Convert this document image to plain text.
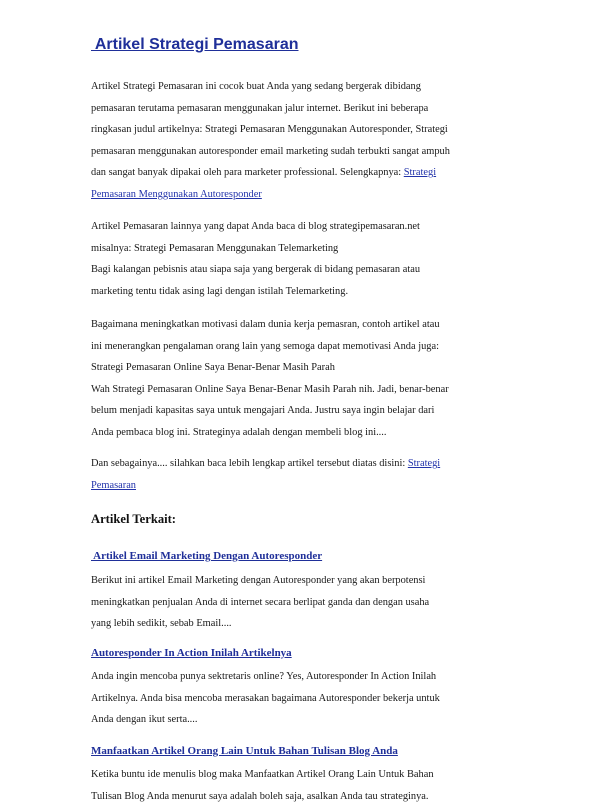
Artikel Strategi Pemasaran
Artikel Strategi Pemasaran ini cocok buat Anda yang sedang bergerak dibidang
pemasaran terutama pemasaran menggunakan jalur internet. Berikut ini beberapa
ringkasan judul artikelnya: Strategi Pemasaran Menggunakan Autoresponder, Strategi
pemasaran menggunakan autoresponder email marketing sudah terbukti sangat ampuh
dan sangat banyak dipakai oleh para marketer professional. Selengkapnya: Strategi
Pemasaran Menggunakan Autoresponder
Artikel Pemasaran lainnya yang dapat Anda baca di blog strategipemasaran.net
misalnya: Strategi Pemasaran Menggunakan Telemarketing
Bagi kalangan pebisnis atau siapa saja yang bergerak di bidang pemasaran atau
marketing tentu tidak asing lagi dengan istilah Telemarketing.
Bagaimana meningkatkan motivasi dalam dunia kerja pemasran, contoh artikel atau
ini menerangkan pengalaman orang lain yang semoga dapat memotivasi Anda juga:
Strategi Pemasaran Online Saya Benar-Benar Masih Parah
Wah Strategi Pemasaran Online Saya Benar-Benar Masih Parah nih. Jadi, benar-benar
belum menjadi kapasitas saya untuk mengajari Anda. Justru saya ingin belajar dari
Anda pembaca blog ini. Strateginya adalah dengan membeli blog ini....
Dan sebagainya.... silahkan baca lebih lengkap artikel tersebut diatas disini: Strategi
Pemasaran
Artikel Terkait:
Artikel Email Marketing Dengan Autoresponder
Berikut ini artikel Email Marketing dengan Autoresponder yang akan berpotensi
meningkatkan penjualan Anda di internet secara berlipat ganda dan dengan usaha
yang lebih sedikit, sebab Email....
Autoresponder In Action Inilah Artikelnya
Anda ingin mencoba punya sektretaris online? Yes, Autoresponder In Action Inilah
Artikelnya. Anda bisa mencoba merasakan bagaimana Autoresponder bekerja untuk
Anda dengan ikut serta....
Manfaatkan Artikel Orang Lain Untuk Bahan Tulisan Blog Anda
Ketika buntu ide menulis blog maka Manfaatkan Artikel Orang Lain Untuk Bahan
Tulisan Blog Anda menurut saya adalah boleh saja, asalkan Anda tau strateginya.
